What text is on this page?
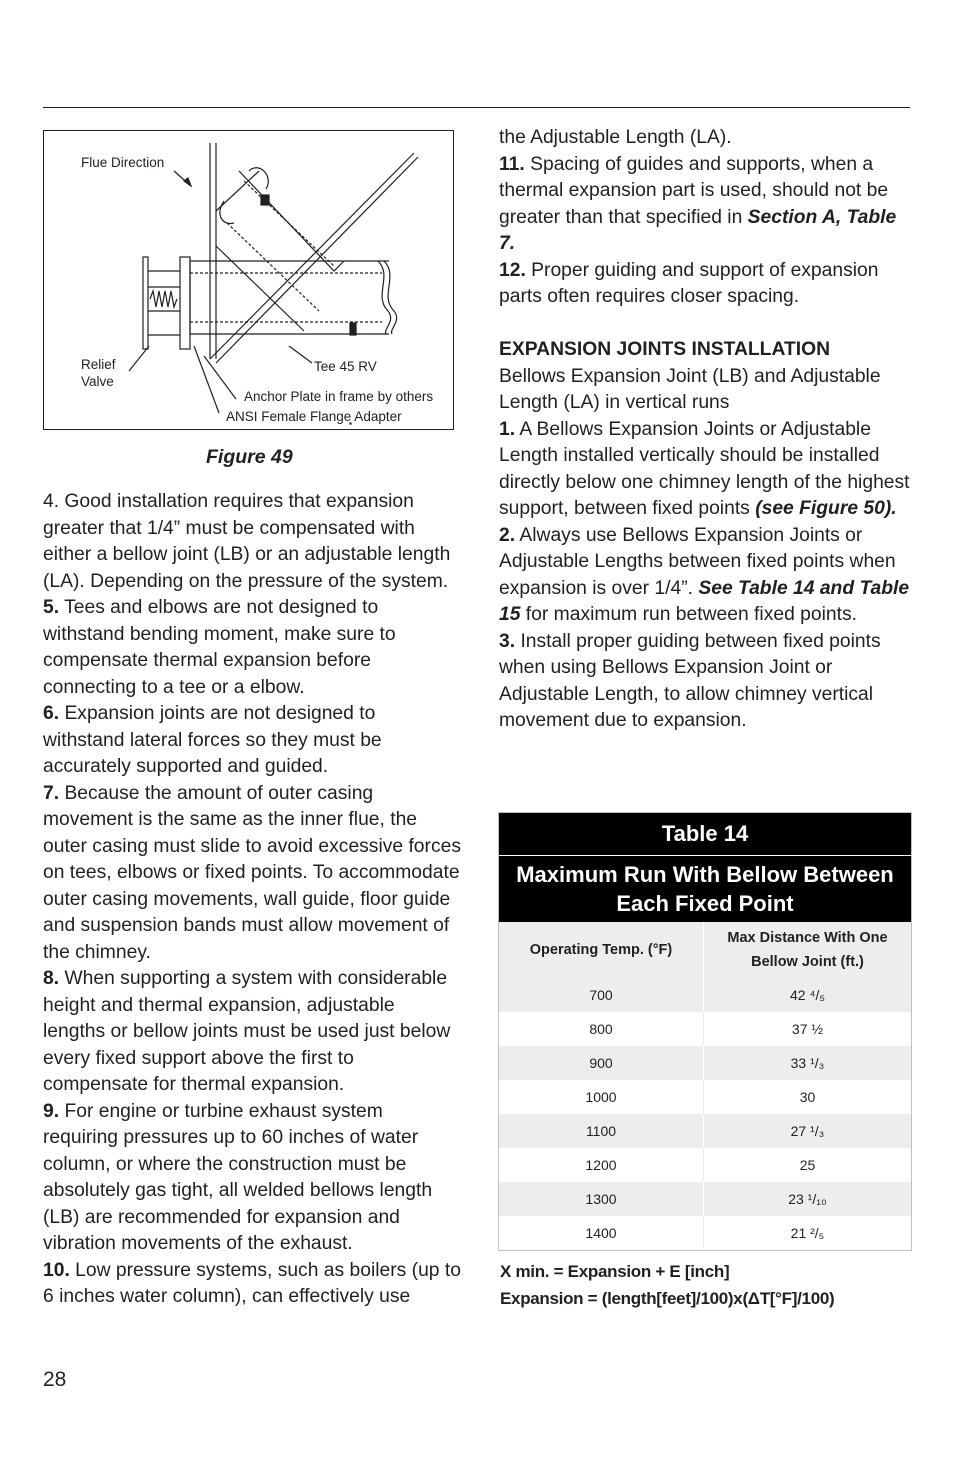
Flue Direction
Relief
Valve
Tee 45 RV
Anchor Plate in frame by others
ANSI Female Flange Adapter
Figure 49

4. Good installation requires that expansion greater that 1/4” must be compensated with either a bellow joint (LB) or an adjustable length (LA). Depending on the pressure of the system.

5. Tees and elbows are not designed to withstand bending moment, make sure to compensate thermal expansion before connecting to a tee or a elbow.

6. Expansion joints are not designed to withstand lateral forces so they must be accurately supported and guided.

7. Because the amount of outer casing movement is the same as the inner flue, the outer casing must slide to avoid excessive forces on tees, elbows or fixed points. To accommodate outer casing movements, wall guide, floor guide and suspension bands must allow movement of the chimney.

8. When supporting a system with considerable height and thermal expansion, adjustable lengths or bellow joints must be used just below every fixed support above the first to compensate for thermal expansion.

9. For engine or turbine exhaust system requiring pressures up to 60 inches of water column, or where the construction must be absolutely gas tight, all welded bellows length (LB) are recommended for expansion and vibration movements of the exhaust.

10. Low pressure systems, such as boilers (up to 6 inches water column), can effectively use

the Adjustable Length (LA).

11. Spacing of guides and supports, when a thermal expansion part is used, should not be greater than that specified in Section A, Table 7.

12. Proper guiding and support of expansion parts often requires closer spacing.

EXPANSION JOINTS INSTALLATION

Bellows Expansion Joint (LB) and Adjustable Length (LA) in vertical runs

1. A Bellows Expansion Joints or Adjustable Length installed vertically should be installed directly below one chimney length of the highest support, between fixed points (see Figure 50).

2. Always use Bellows Expansion Joints or Adjustable Lengths between fixed points when expansion is over 1/4”. See Table 14 and Table 15 for maximum run between fixed points.

3. Install proper guiding between fixed points when using Bellows Expansion Joint or Adjustable Length, to allow chimney vertical movement due to expansion.

Table 14
Maximum Run With Bellow Between Each Fixed Point
Operating Temp. (°F)
Max Distance With One Bellow Joint (ft.)
700	42 ⁴/₅
800	37 ½
900	33 ¹/₃
1000	30
1100	27 ¹/₃
1200	25
1300	23 ¹/₁₀
1400	21 ²/₅
X min. = Expansion + E [inch]
Expansion = (length[feet]/100)x(ΔT[°F]/100)
28
